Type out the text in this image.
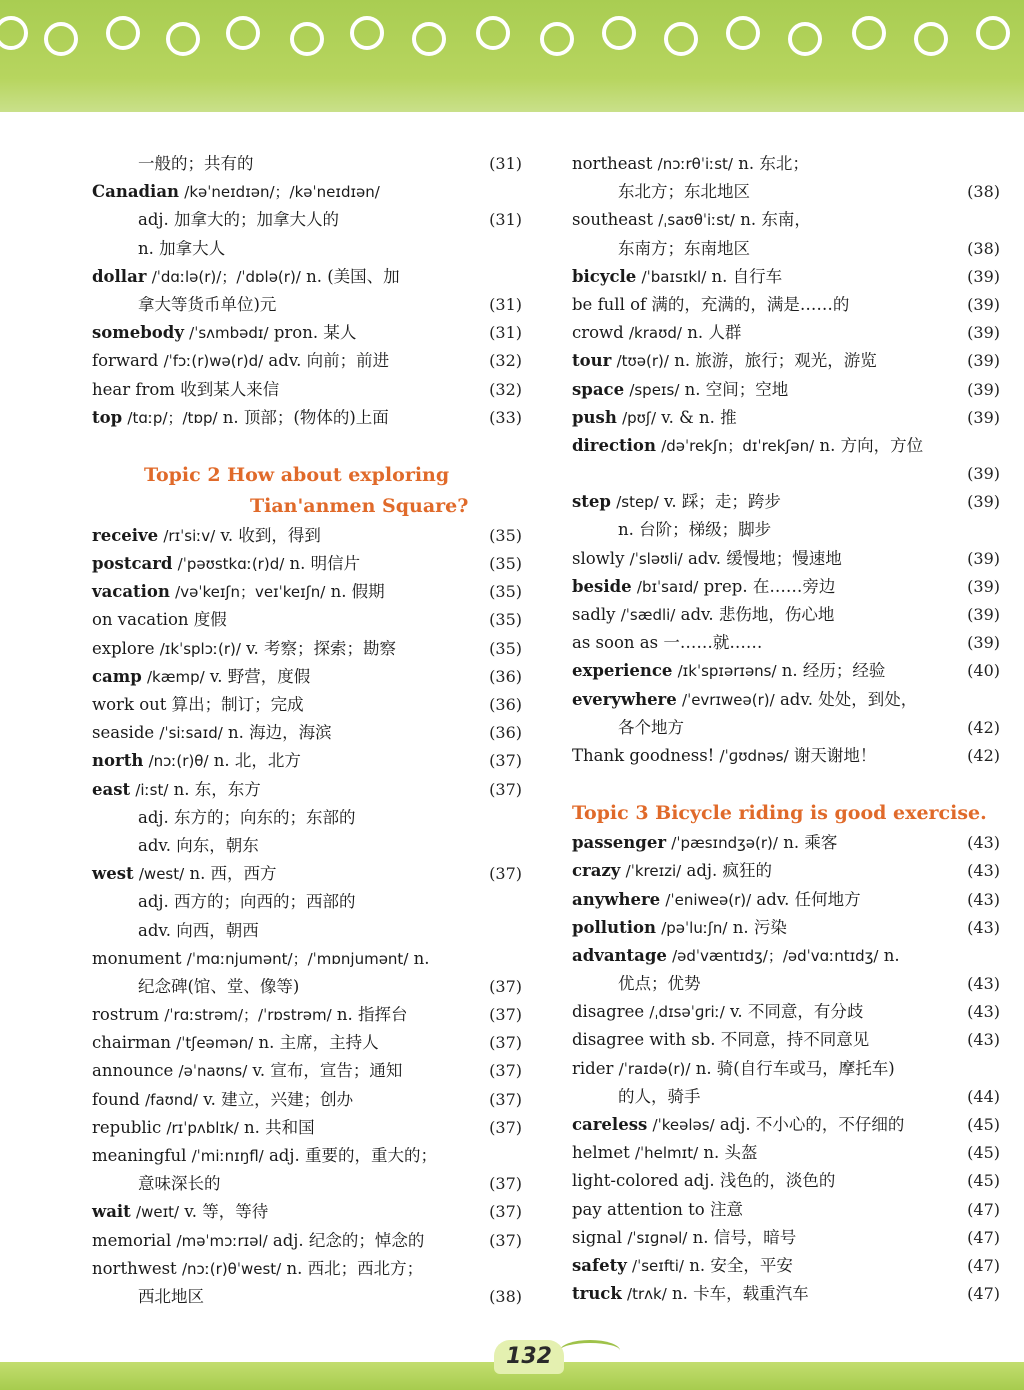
一般的；共有的	(31)
Canadian /kəˈneɪdɪən/；/kəˈneɪdɪən/
adj. 加拿大的；加拿大人的	(31)
n. 加拿大人
dollar /ˈdɑːlə(r)/；/ˈdɒlə(r)/ n. (美国、加
拿大等货币单位)元	(31)
somebody /ˈsʌmbədɪ/ pron. 某人	(31)
forward /ˈfɔː(r)wə(r)d/ adv. 向前；前进	(32)
hear from 收到某人来信	(32)
top /tɑːp/；/tɒp/ n. 顶部；(物体的)上面	(33)
Topic 2 How about exploring
Tian'anmen Square?
receive /rɪˈsiːv/ v. 收到，得到	(35)
postcard /ˈpəʊstkɑː(r)d/ n. 明信片	(35)
vacation /vəˈkeɪʃn；veɪˈkeɪʃn/ n. 假期	(35)
on vacation 度假	(35)
explore /ɪkˈsplɔː(r)/ v. 考察；探索；勘察	(35)
camp /kæmp/ v. 野营，度假	(36)
work out 算出；制订；完成	(36)
seaside /ˈsiːsaɪd/ n. 海边，海滨	(36)
north /nɔː(r)θ/ n. 北，北方	(37)
east /iːst/ n. 东，东方	(37)
adj. 东方的；向东的；东部的
adv. 向东，朝东
west /west/ n. 西，西方	(37)
adj. 西方的；向西的；西部的
adv. 向西，朝西
monument /ˈmɑːnjumənt/；/ˈmɒnjumənt/ n.
纪念碑(馆、堂、像等)	(37)
rostrum /ˈrɑːstrəm/；/ˈrɒstrəm/ n. 指挥台	(37)
chairman /ˈtʃeəmən/ n. 主席，主持人	(37)
announce /əˈnaʊns/ v. 宣布，宣告；通知	(37)
found /faʊnd/ v. 建立，兴建；创办	(37)
republic /rɪˈpʌblɪk/ n. 共和国	(37)
meaningful /ˈmiːnɪŋfl/ adj. 重要的，重大的；
意味深长的	(37)
wait /weɪt/ v. 等，等待	(37)
memorial /məˈmɔːrɪəl/ adj. 纪念的；悼念的	(37)
northwest /nɔː(r)θˈwest/ n. 西北；西北方；
西北地区	(38)
northeast /nɔːrθˈiːst/ n. 东北；
东北方；东北地区	(38)
southeast /ˌsaʊθˈiːst/ n. 东南，
东南方；东南地区	(38)
bicycle /ˈbaɪsɪkl/ n. 自行车	(39)
be full of 满的，充满的，满是……的	(39)
crowd /kraʊd/ n. 人群	(39)
tour /tʊə(r)/ n. 旅游，旅行；观光，游览	(39)
space /speɪs/ n. 空间；空地	(39)
push /pʊʃ/ v. & n. 推	(39)
direction /dəˈrekʃn；dɪˈrekʃən/ n. 方向，方位
(39)
step /step/ v. 踩；走；跨步	(39)
n. 台阶；梯级；脚步
slowly /ˈsləʊli/ adv. 缓慢地；慢速地	(39)
beside /bɪˈsaɪd/ prep. 在……旁边	(39)
sadly /ˈsædli/ adv. 悲伤地，伤心地	(39)
as soon as 一……就……	(39)
experience /ɪkˈspɪərɪəns/ n. 经历；经验	(40)
everywhere /ˈevrɪweə(r)/ adv. 处处，到处，
各个地方	(42)
Thank goodness! /ˈɡʊdnəs/ 谢天谢地！	(42)
Topic 3 Bicycle riding is good exercise.
passenger /ˈpæsɪndʒə(r)/ n. 乘客	(43)
crazy /ˈkreɪzi/ adj. 疯狂的	(43)
anywhere /ˈeniweə(r)/ adv. 任何地方	(43)
pollution /pəˈluːʃn/ n. 污染	(43)
advantage /ədˈvæntɪdʒ/；/ədˈvɑːntɪdʒ/ n.
优点；优势	(43)
disagree /ˌdɪsəˈɡriː/ v. 不同意，有分歧	(43)
disagree with sb. 不同意，持不同意见	(43)
rider /ˈraɪdə(r)/ n. 骑(自行车或马，摩托车)
的人，骑手	(44)
careless /ˈkeələs/ adj. 不小心的，不仔细的	(45)
helmet /ˈhelmɪt/ n. 头盔	(45)
light-colored adj. 浅色的，淡色的	(45)
pay attention to 注意	(47)
signal /ˈsɪɡnəl/ n. 信号，暗号	(47)
safety /ˈseɪfti/ n. 安全，平安	(47)
truck /trʌk/ n. 卡车，载重汽车	(47)
132
